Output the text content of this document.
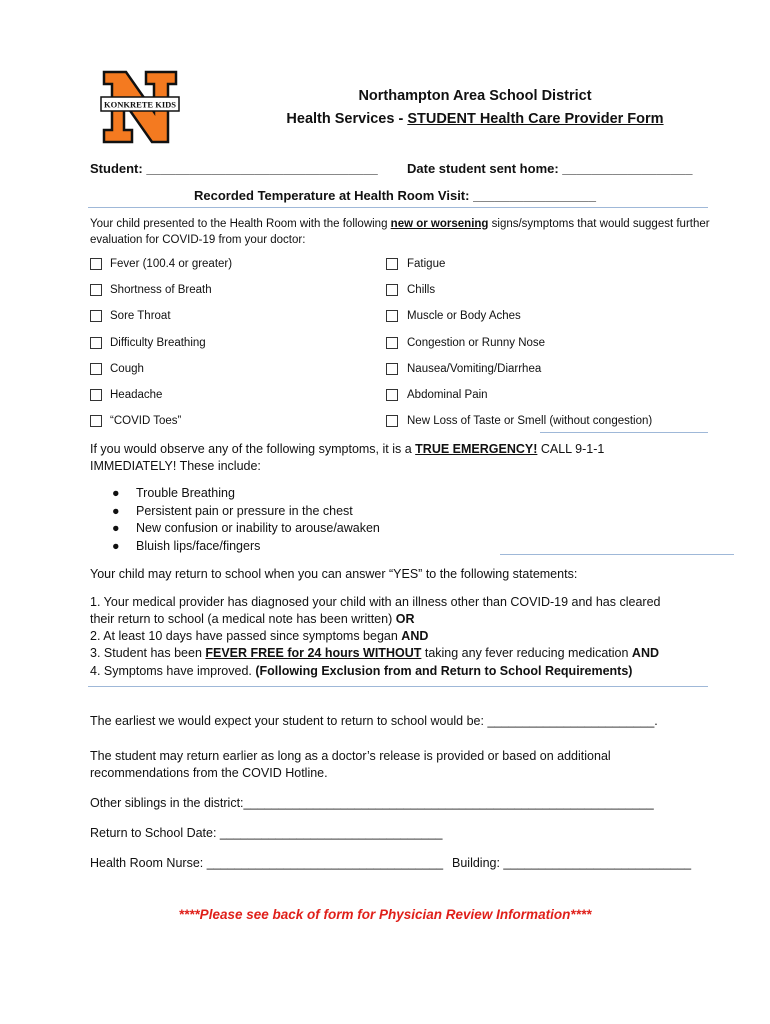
KONKRETE KIDS
Northampton Area School District
Health Services - STUDENT Health Care Provider Form
Student: ________________________________ Date student sent home: __________________
Recorded Temperature at Health Room Visit: _________________
Your child presented to the Health Room with the following new or worsening signs/symptoms that would suggest further evaluation for COVID-19 from your doctor:
Fever (100.4 or greater)
Shortness of Breath
Sore Throat
Difficulty Breathing
Cough
Headache
“COVID Toes”
Fatigue
Chills
Muscle or Body Aches
Congestion or Runny Nose
Nausea/Vomiting/Diarrhea
Abdominal Pain
New Loss of Taste or Smell (without congestion)
If you would observe any of the following symptoms, it is a TRUE EMERGENCY! CALL 9-1-1 IMMEDIATELY! These include:
● Trouble Breathing
● Persistent pain or pressure in the chest
● New confusion or inability to arouse/awaken
● Bluish lips/face/fingers
Your child may return to school when you can answer “YES” to the following statements:
1. Your medical provider has diagnosed your child with an illness other than COVID-19 and has cleared their return to school (a medical note has been written) OR
2. At least 10 days have passed since symptoms began AND
3. Student has been FEVER FREE for 24 hours WITHOUT taking any fever reducing medication AND
4. Symptoms have improved. (Following Exclusion from and Return to School Requirements)
The earliest we would expect your student to return to school would be: ________________________.
The student may return earlier as long as a doctor’s release is provided or based on additional recommendations from the COVID Hotline.
Other siblings in the district:___________________________________________________________
Return to School Date: ________________________________
Health Room Nurse: __________________________________ Building: ___________________________
****Please see back of form for Physician Review Information****
